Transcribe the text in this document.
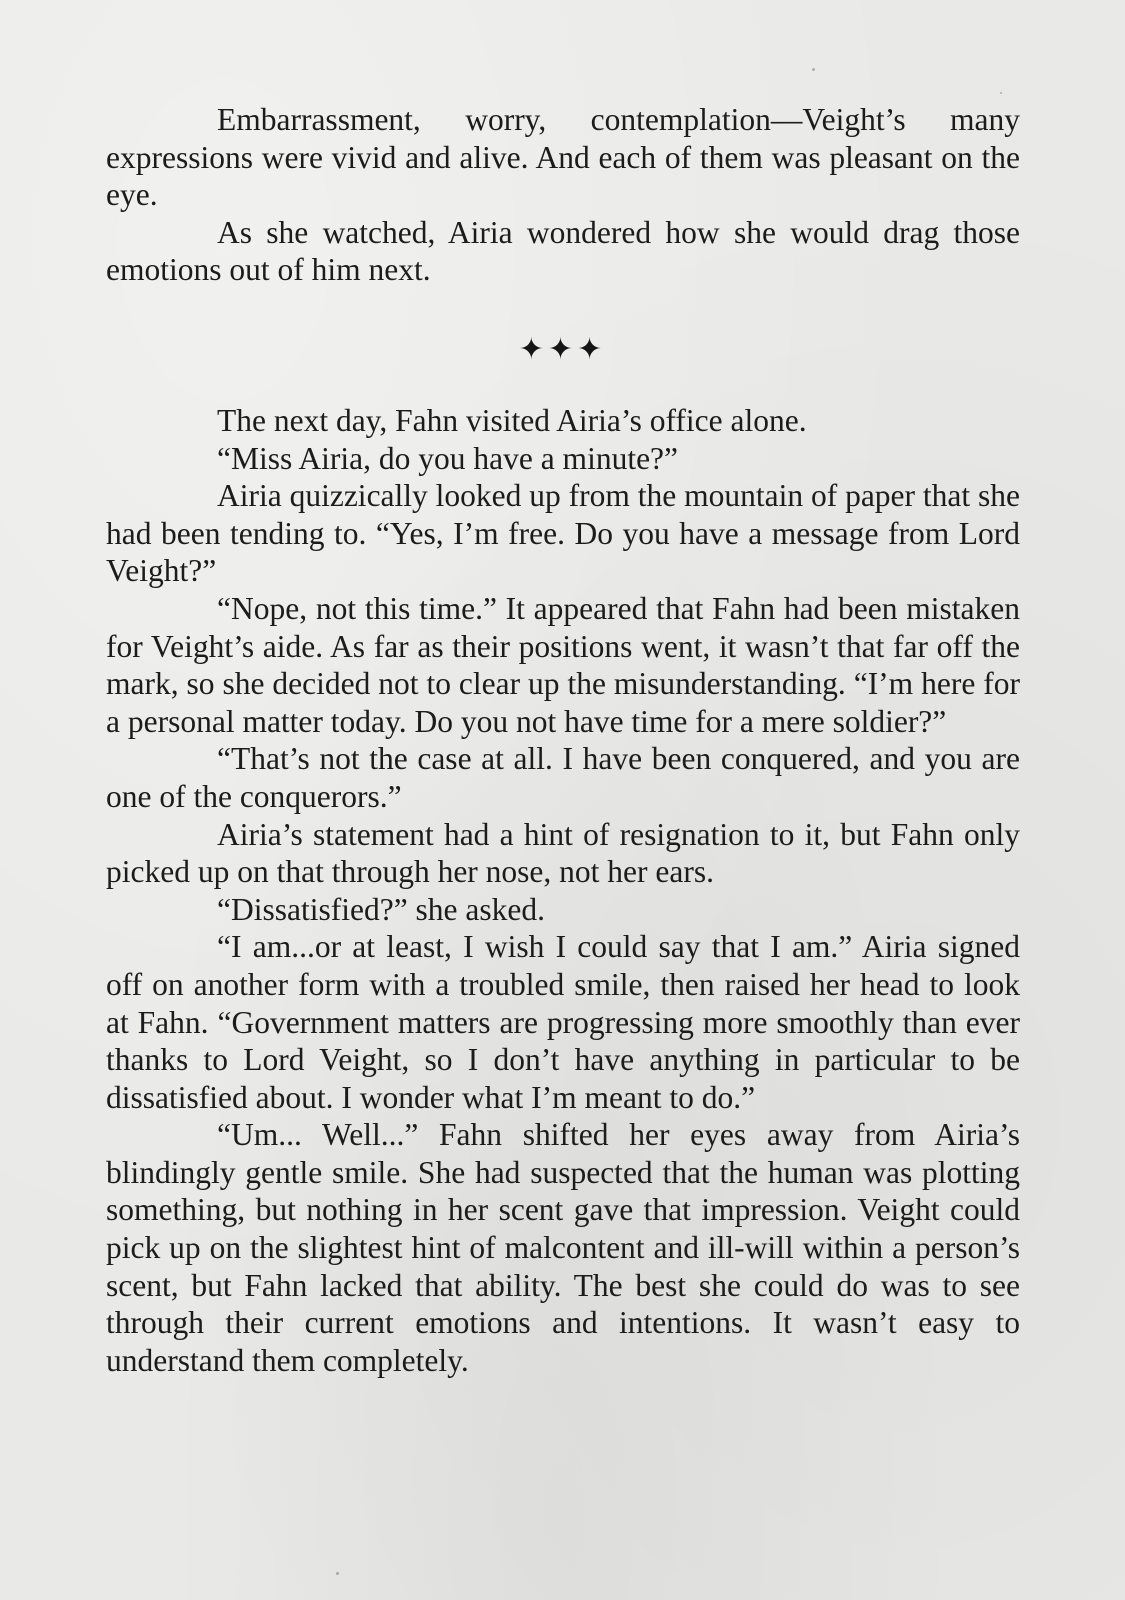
Embarrassment, worry, contemplation—Veight’s many expressions were vivid and alive. And each of them was pleasant on the eye.

As she watched, Airia wondered how she would drag those emotions out of him next.

✦✦✦

The next day, Fahn visited Airia’s office alone.

“Miss Airia, do you have a minute?”

Airia quizzically looked up from the mountain of paper that she had been tending to. “Yes, I’m free. Do you have a message from Lord Veight?”

“Nope, not this time.” It appeared that Fahn had been mistaken for Veight’s aide. As far as their positions went, it wasn’t that far off the mark, so she decided not to clear up the misunderstanding. “I’m here for a personal matter today. Do you not have time for a mere soldier?”

“That’s not the case at all. I have been conquered, and you are one of the conquerors.”

Airia’s statement had a hint of resignation to it, but Fahn only picked up on that through her nose, not her ears.

“Dissatisfied?” she asked.

“I am...or at least, I wish I could say that I am.” Airia signed off on another form with a troubled smile, then raised her head to look at Fahn. “Government matters are progressing more smoothly than ever thanks to Lord Veight, so I don’t have anything in particular to be dissatisfied about. I wonder what I’m meant to do.”

“Um... Well...” Fahn shifted her eyes away from Airia’s blindingly gentle smile. She had suspected that the human was plotting something, but nothing in her scent gave that impression. Veight could pick up on the slightest hint of malcontent and ill-will within a person’s scent, but Fahn lacked that ability. The best she could do was to see through their current emotions and intentions. It wasn’t easy to understand them completely.
